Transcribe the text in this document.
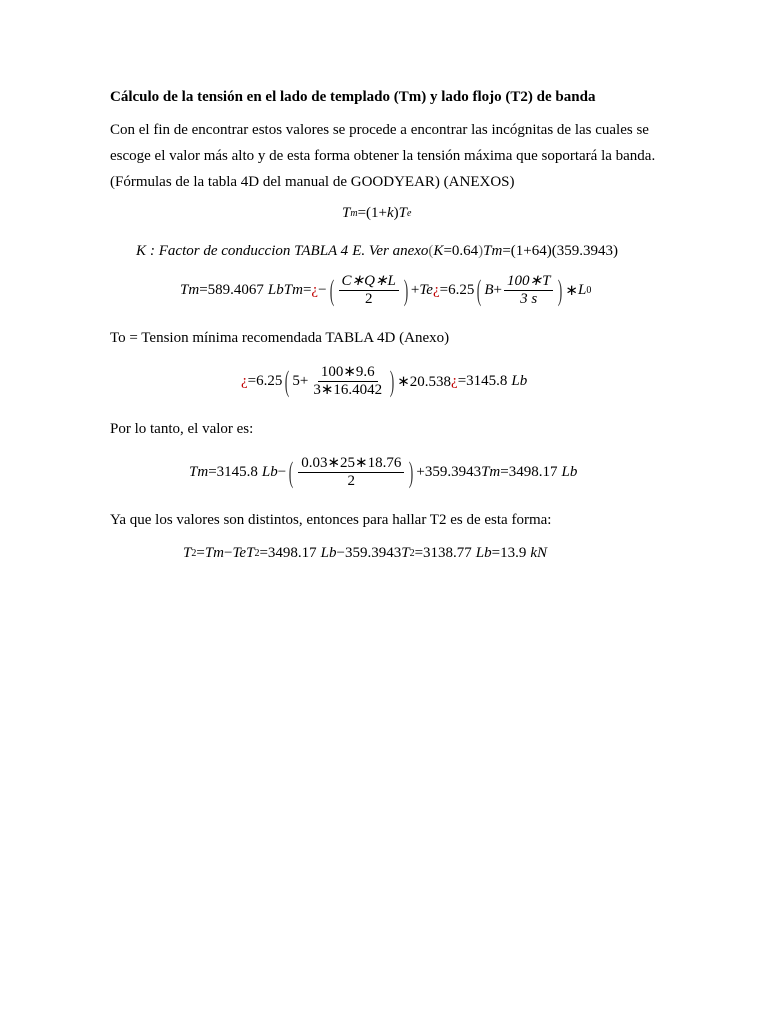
Cálculo de la tensión en el lado de templado (Tm) y lado flojo (T2) de banda
Con el fin de encontrar estos valores se procede a encontrar las incógnitas de las cuales se escoge el valor más alto y de esta forma obtener la tensión máxima que soportará la banda. (Fórmulas de la tabla 4D del manual de GOODYEAR) (ANEXOS)
T m =(1+ k ) T e
K : Factor de conduccion TABLA 4 E . Ver anexo ( K =0.64 ) Tm =(1+64)(359.3943)
Tm =589.4067 Lb Tm = ¿ − ( $\frac{C∗Q∗L}{2}$ ) + Te ¿ =6.25 ( $B + \frac{100∗T}{3 s}$ ) ∗ L 0
To = Tension mínima recomendada TABLA 4D (Anexo)
¿ =6.25 ( $5+ \frac{100∗9.6}{3∗16.4042}$ ) ∗20.538 ¿ =3145.8 Lb
Por lo tanto, el valor es:
Tm =3145.8 Lb − ( $\frac{0.03∗25∗18.76}{2}$ ) +359.3943 Tm =3498.17 Lb
Ya que los valores son distintos, entonces para hallar T2 es de esta forma:
T 2 = Tm − Te T 2 =3498.17 Lb −359.3943 T 2 =3138.77 Lb =13.9 kN
